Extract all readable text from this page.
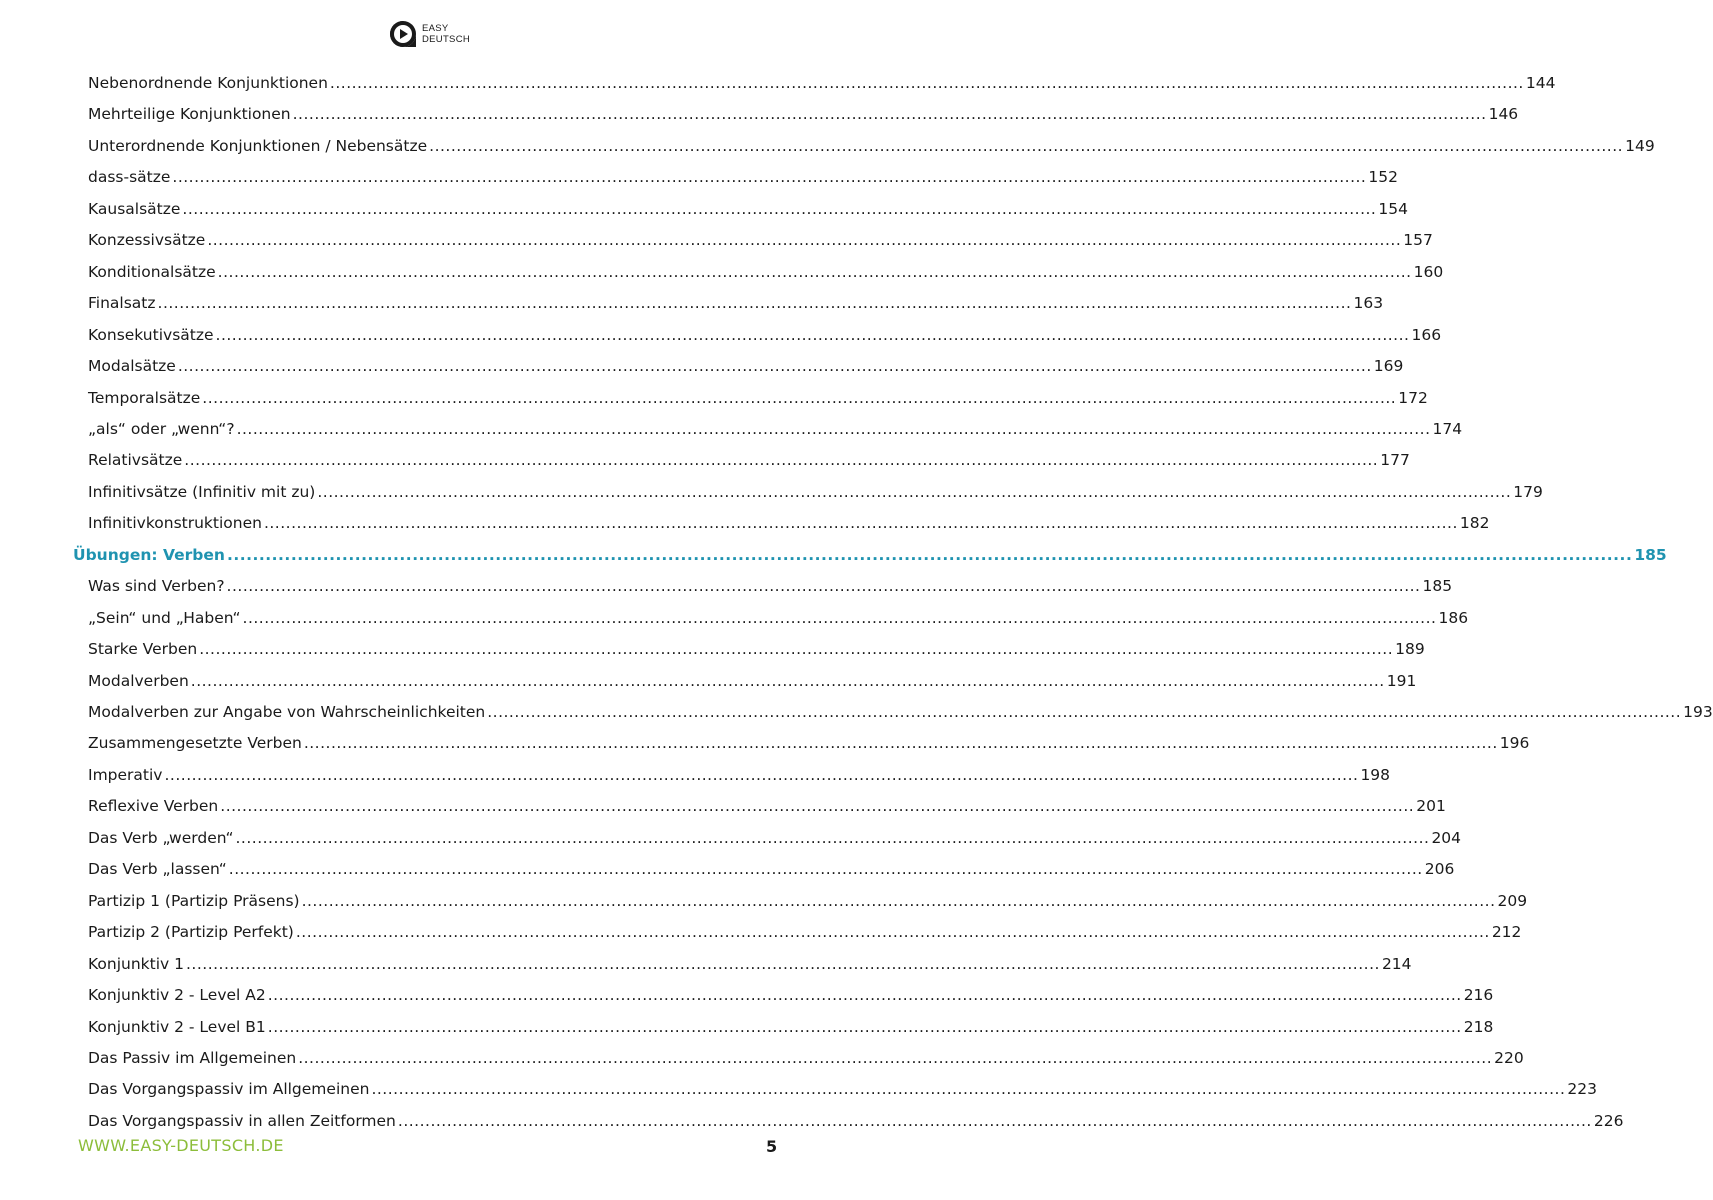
EASY
DEUTSCH
Nebenordnende Konjunktionen ............................................................................................................................................................................................................................ 144
Mehrteilige Konjunktionen ............................................................................................................................................................................................................................ 146
Unterordnende Konjunktionen / Nebensätze ............................................................................................................................................................................................................................ 149
dass-sätze ............................................................................................................................................................................................................................ 152
Kausalsätze ............................................................................................................................................................................................................................ 154
Konzessivsätze ............................................................................................................................................................................................................................ 157
Konditionalsätze ............................................................................................................................................................................................................................ 160
Finalsatz ............................................................................................................................................................................................................................ 163
Konsekutivsätze ............................................................................................................................................................................................................................ 166
Modalsätze ............................................................................................................................................................................................................................ 169
Temporalsätze ............................................................................................................................................................................................................................ 172
„als“ oder „wenn“? ............................................................................................................................................................................................................................ 174
Relativsätze ............................................................................................................................................................................................................................ 177
Infinitivsätze (Infinitiv mit zu) ............................................................................................................................................................................................................................ 179
Infinitivkonstruktionen ............................................................................................................................................................................................................................ 182
Übungen: Verben ............................................................................................................................................................................................................................ 185
Was sind Verben? ............................................................................................................................................................................................................................ 185
„Sein“ und „Haben“ ............................................................................................................................................................................................................................ 186
Starke Verben ............................................................................................................................................................................................................................ 189
Modalverben ............................................................................................................................................................................................................................ 191
Modalverben zur Angabe von Wahrscheinlichkeiten ............................................................................................................................................................................................................................ 193
Zusammengesetzte Verben ............................................................................................................................................................................................................................ 196
Imperativ ............................................................................................................................................................................................................................ 198
Reflexive Verben ............................................................................................................................................................................................................................ 201
Das Verb „werden“ ............................................................................................................................................................................................................................ 204
Das Verb „lassen“ ............................................................................................................................................................................................................................ 206
Partizip 1 (Partizip Präsens) ............................................................................................................................................................................................................................ 209
Partizip 2 (Partizip Perfekt) ............................................................................................................................................................................................................................ 212
Konjunktiv 1 ............................................................................................................................................................................................................................ 214
Konjunktiv 2 - Level A2 ............................................................................................................................................................................................................................ 216
Konjunktiv 2 - Level B1 ............................................................................................................................................................................................................................ 218
Das Passiv im Allgemeinen ............................................................................................................................................................................................................................ 220
Das Vorgangspassiv im Allgemeinen ............................................................................................................................................................................................................................ 223
Das Vorgangspassiv in allen Zeitformen ............................................................................................................................................................................................................................ 226
WWW.EASY-DEUTSCH.DE	5
